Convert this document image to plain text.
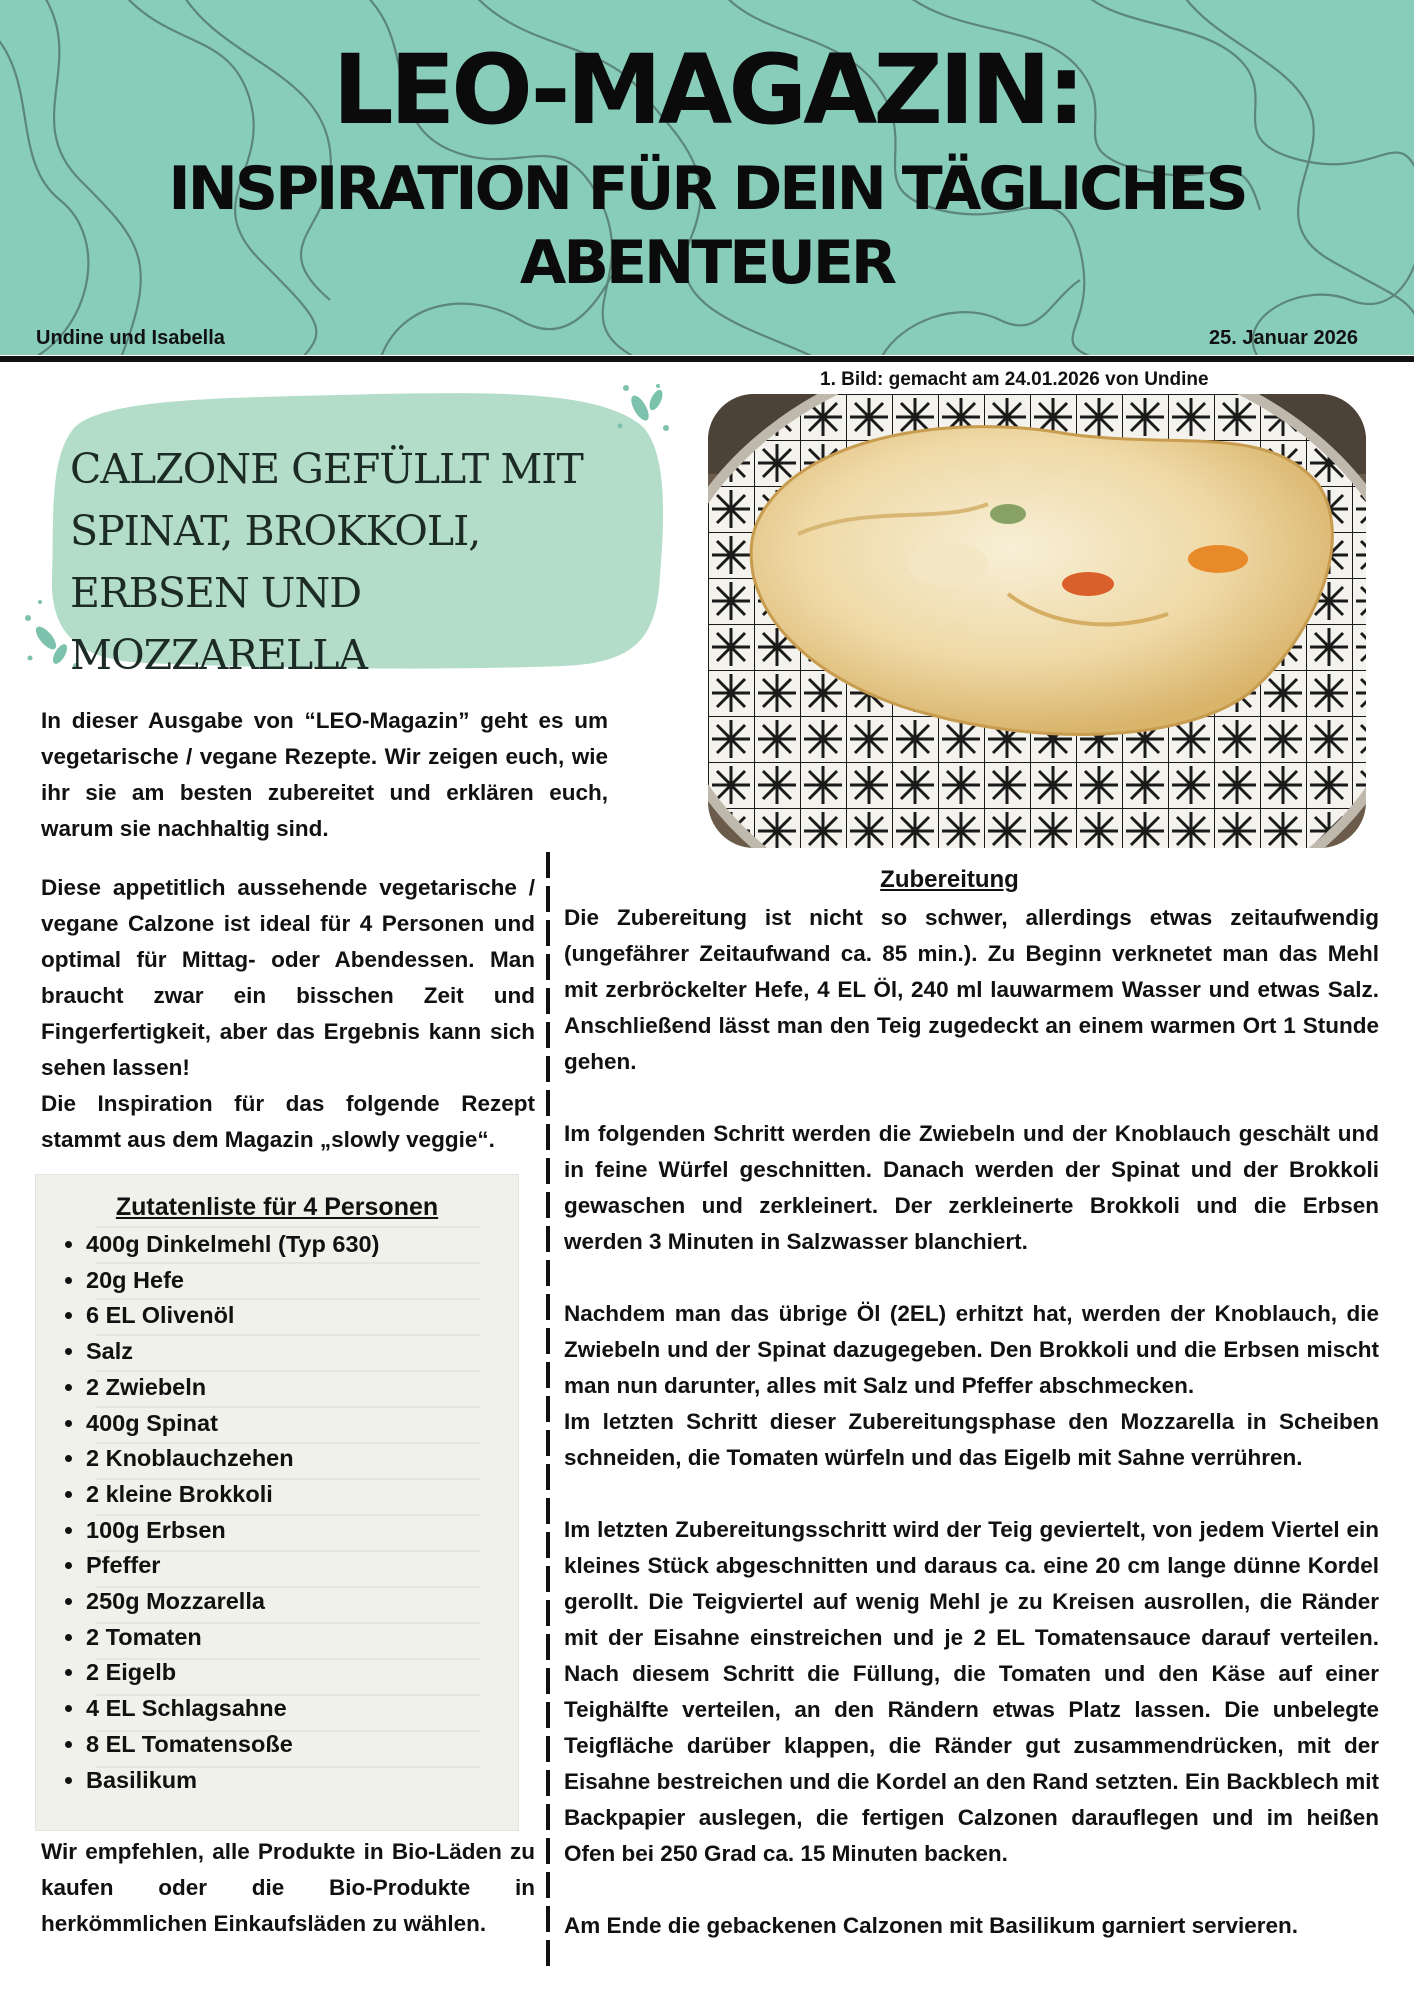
LEO-MAGAZIN:
INSPIRATION FÜR DEIN TÄGLICHES ABENTEUER
Undine und Isabella	25. Januar 2026
1. Bild: gemacht am 24.01.2026 von Undine
CALZONE GEFÜLLT MIT SPINAT, BROKKOLI, ERBSEN UND MOZZARELLA
In dieser Ausgabe von “LEO-Magazin” geht es um vegetarische / vegane Rezepte. Wir zeigen euch, wie ihr sie am besten zubereitet und erklären euch, warum sie nachhaltig sind.

Diese appetitlich aussehende vegetarische / vegane Calzone ist ideal für 4 Personen und optimal für Mittag- oder Abendessen. Man braucht zwar ein bisschen Zeit und Fingerfertigkeit, aber das Ergebnis kann sich sehen lassen!

Die Inspiration für das folgende Rezept stammt aus dem Magazin „slowly veggie“.

Zutatenliste für 4 Personen
• 400g Dinkelmehl (Typ 630)
• 20g Hefe
• 6 EL Olivenöl
• Salz
• 2 Zwiebeln
• 400g Spinat
• 2 Knoblauchzehen
• 2 kleine Brokkoli
• 100g Erbsen
• Pfeffer
• 250g Mozzarella
• 2 Tomaten
• 2 Eigelb
• 4 EL Schlagsahne
• 8 EL Tomatensoße
• Basilikum
Wir empfehlen, alle Produkte in Bio-Läden zu kaufen oder die Bio-Produkte in herkömmlichen Einkaufsläden zu wählen.
Zubereitung

Die Zubereitung ist nicht so schwer, allerdings etwas zeitaufwendig (ungefährer Zeitaufwand ca. 85 min.). Zu Beginn verknetet man das Mehl mit zerbröckelter Hefe, 4 EL Öl, 240 ml lauwarmem Wasser und etwas Salz. Anschließend lässt man den Teig zugedeckt an einem warmen Ort 1 Stunde gehen.

Im folgenden Schritt werden die Zwiebeln und der Knoblauch geschält und in feine Würfel geschnitten. Danach werden der Spinat und der Brokkoli gewaschen und zerkleinert. Der zerkleinerte Brokkoli und die Erbsen werden 3 Minuten in Salzwasser blanchiert.

Nachdem man das übrige Öl (2EL) erhitzt hat, werden der Knoblauch, die Zwiebeln und der Spinat dazugegeben. Den Brokkoli und die Erbsen mischt man nun darunter, alles mit Salz und Pfeffer abschmecken.

Im letzten Schritt dieser Zubereitungsphase den Mozzarella in Scheiben schneiden, die Tomaten würfeln und das Eigelb mit Sahne verrühren.

Im letzten Zubereitungsschritt wird der Teig geviertelt, von jedem Viertel ein kleines Stück abgeschnitten und daraus ca. eine 20 cm lange dünne Kordel gerollt. Die Teigviertel auf wenig Mehl je zu Kreisen ausrollen, die Ränder mit der Eisahne einstreichen und je 2 EL Tomatensauce darauf verteilen. Nach diesem Schritt die Füllung, die Tomaten und den Käse auf einer Teighälfte verteilen, an den Rändern etwas Platz lassen. Die unbelegte Teigfläche darüber klappen, die Ränder gut zusammendrücken, mit der Eisahne bestreichen und die Kordel an den Rand setzten. Ein Backblech mit Backpapier auslegen, die fertigen Calzonen darauflegen und im heißen Ofen bei 250 Grad ca. 15 Minuten backen.

Am Ende die gebackenen Calzonen mit Basilikum garniert servieren.
